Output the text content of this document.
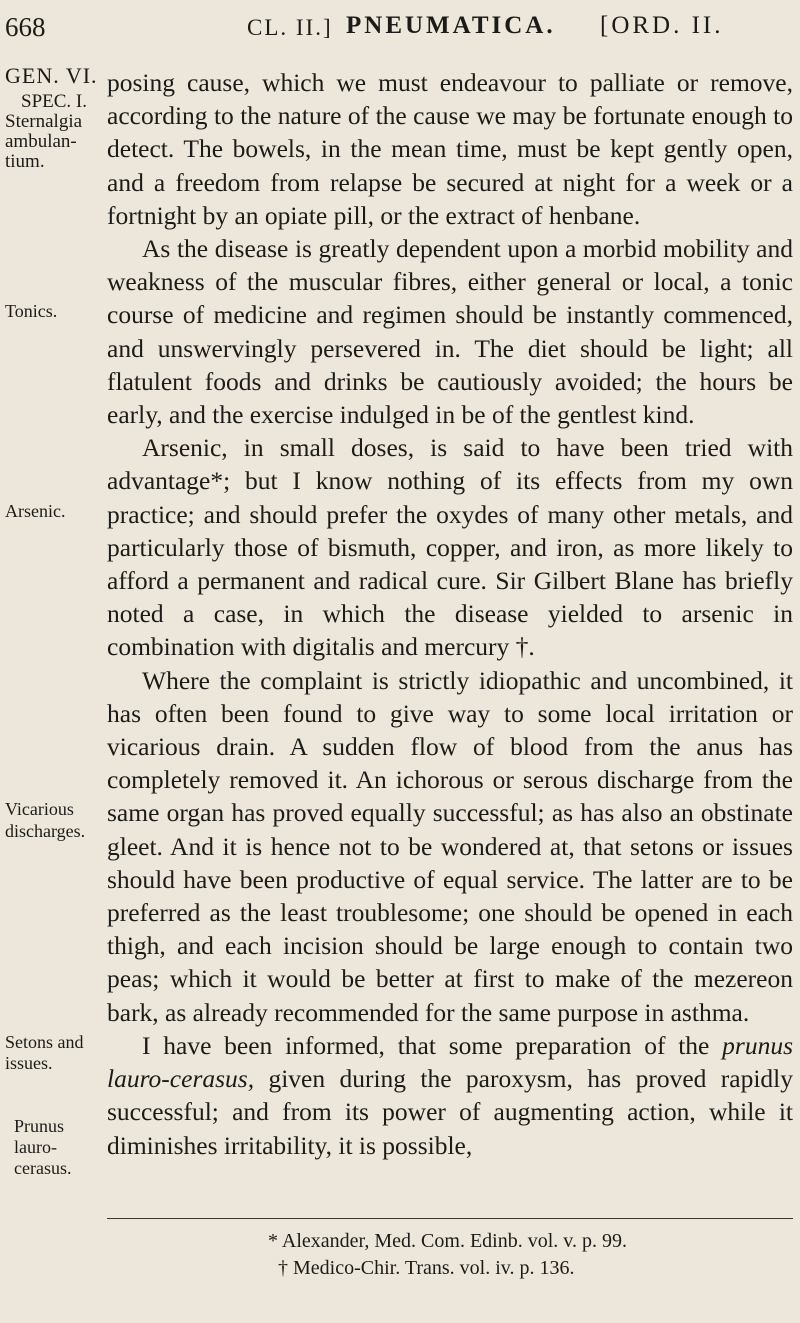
668	CL. II.] PNEUMATICA. [ORD. II.
GEN. VI.
SPEC. I.
Sternalgia
ambulan-
tium.
Tonics.
Arsenic.
Vicarious
discharges.
Setons and
issues.
Prunus
lauro-
cerasus.

posing cause, which we must endeavour to palliate or remove, according to the nature of the cause we may be fortunate enough to detect. The bowels, in the mean time, must be kept gently open, and a freedom from relapse be secured at night for a week or a fortnight by an opiate pill, or the extract of henbane.

As the disease is greatly dependent upon a morbid mobility and weakness of the muscular fibres, either general or local, a tonic course of medicine and regimen should be instantly commenced, and unswervingly persevered in. The diet should be light; all flatulent foods and drinks be cautiously avoided; the hours be early, and the exercise indulged in be of the gentlest kind.

Arsenic, in small doses, is said to have been tried with advantage*; but I know nothing of its effects from my own practice; and should prefer the oxydes of many other metals, and particularly those of bismuth, copper, and iron, as more likely to afford a permanent and radical cure. Sir Gilbert Blane has briefly noted a case, in which the disease yielded to arsenic in combination with digitalis and mercury †.

Where the complaint is strictly idiopathic and uncombined, it has often been found to give way to some local irritation or vicarious drain. A sudden flow of blood from the anus has completely removed it. An ichorous or serous discharge from the same organ has proved equally successful; as has also an obstinate gleet. And it is hence not to be wondered at, that setons or issues should have been productive of equal service. The latter are to be preferred as the least troublesome; one should be opened in each thigh, and each incision should be large enough to contain two peas; which it would be better at first to make of the mezereon bark, as already recommended for the same purpose in asthma.

I have been informed, that some preparation of the prunus lauro-cerasus, given during the paroxysm, has proved rapidly successful; and from its power of augmenting action, while it diminishes irritability, it is possible,

* Alexander, Med. Com. Edinb. vol. v. p. 99.
† Medico-Chir. Trans. vol. iv. p. 136.
